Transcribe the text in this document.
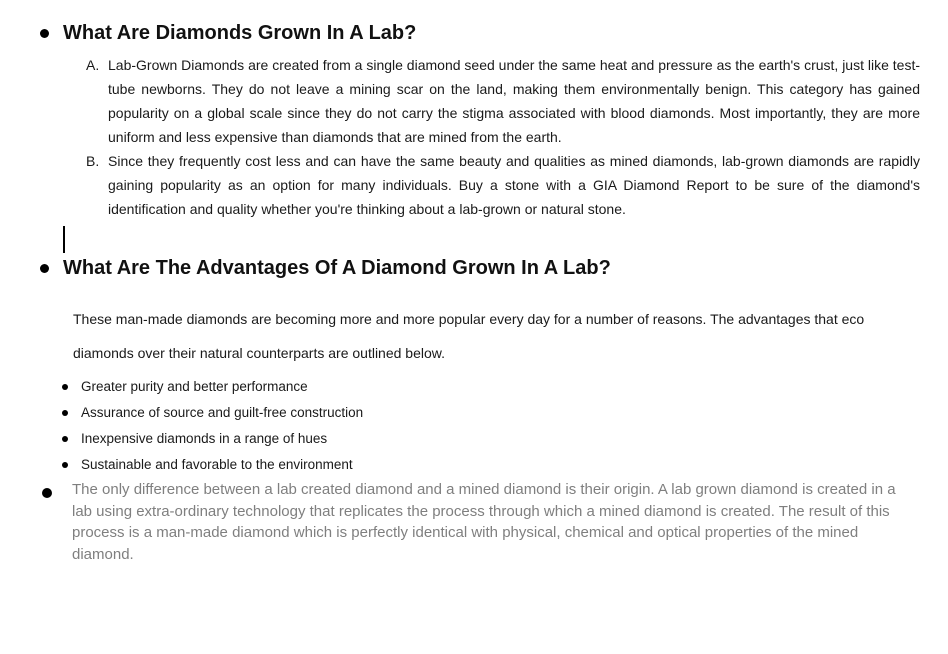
What Are Diamonds Grown In A Lab?
A. Lab-Grown Diamonds are created from a single diamond seed under the same heat and pressure as the earth's crust, just like test-tube newborns. They do not leave a mining scar on the land, making them environmentally benign. This category has gained popularity on a global scale since they do not carry the stigma associated with blood diamonds. Most importantly, they are more uniform and less expensive than diamonds that are mined from the earth.
B. Since they frequently cost less and can have the same beauty and qualities as mined diamonds, lab-grown diamonds are rapidly gaining popularity as an option for many individuals. Buy a stone with a GIA Diamond Report to be sure of the diamond's identification and quality whether you're thinking about a lab-grown or natural stone.
What Are The Advantages Of A Diamond Grown In A Lab?
These man-made diamonds are becoming more and more popular every day for a number of reasons. The advantages that eco diamonds over their natural counterparts are outlined below.
Greater purity and better performance
Assurance of source and guilt-free construction
Inexpensive diamonds in a range of hues
Sustainable and favorable to the environment
The only difference between a lab created diamond and a mined diamond is their origin. A lab grown diamond is created in a lab using extra-ordinary technology that replicates the process through which a mined diamond is created. The result of this process is a man-made diamond which is perfectly identical with physical, chemical and optical properties of the mined diamond.
